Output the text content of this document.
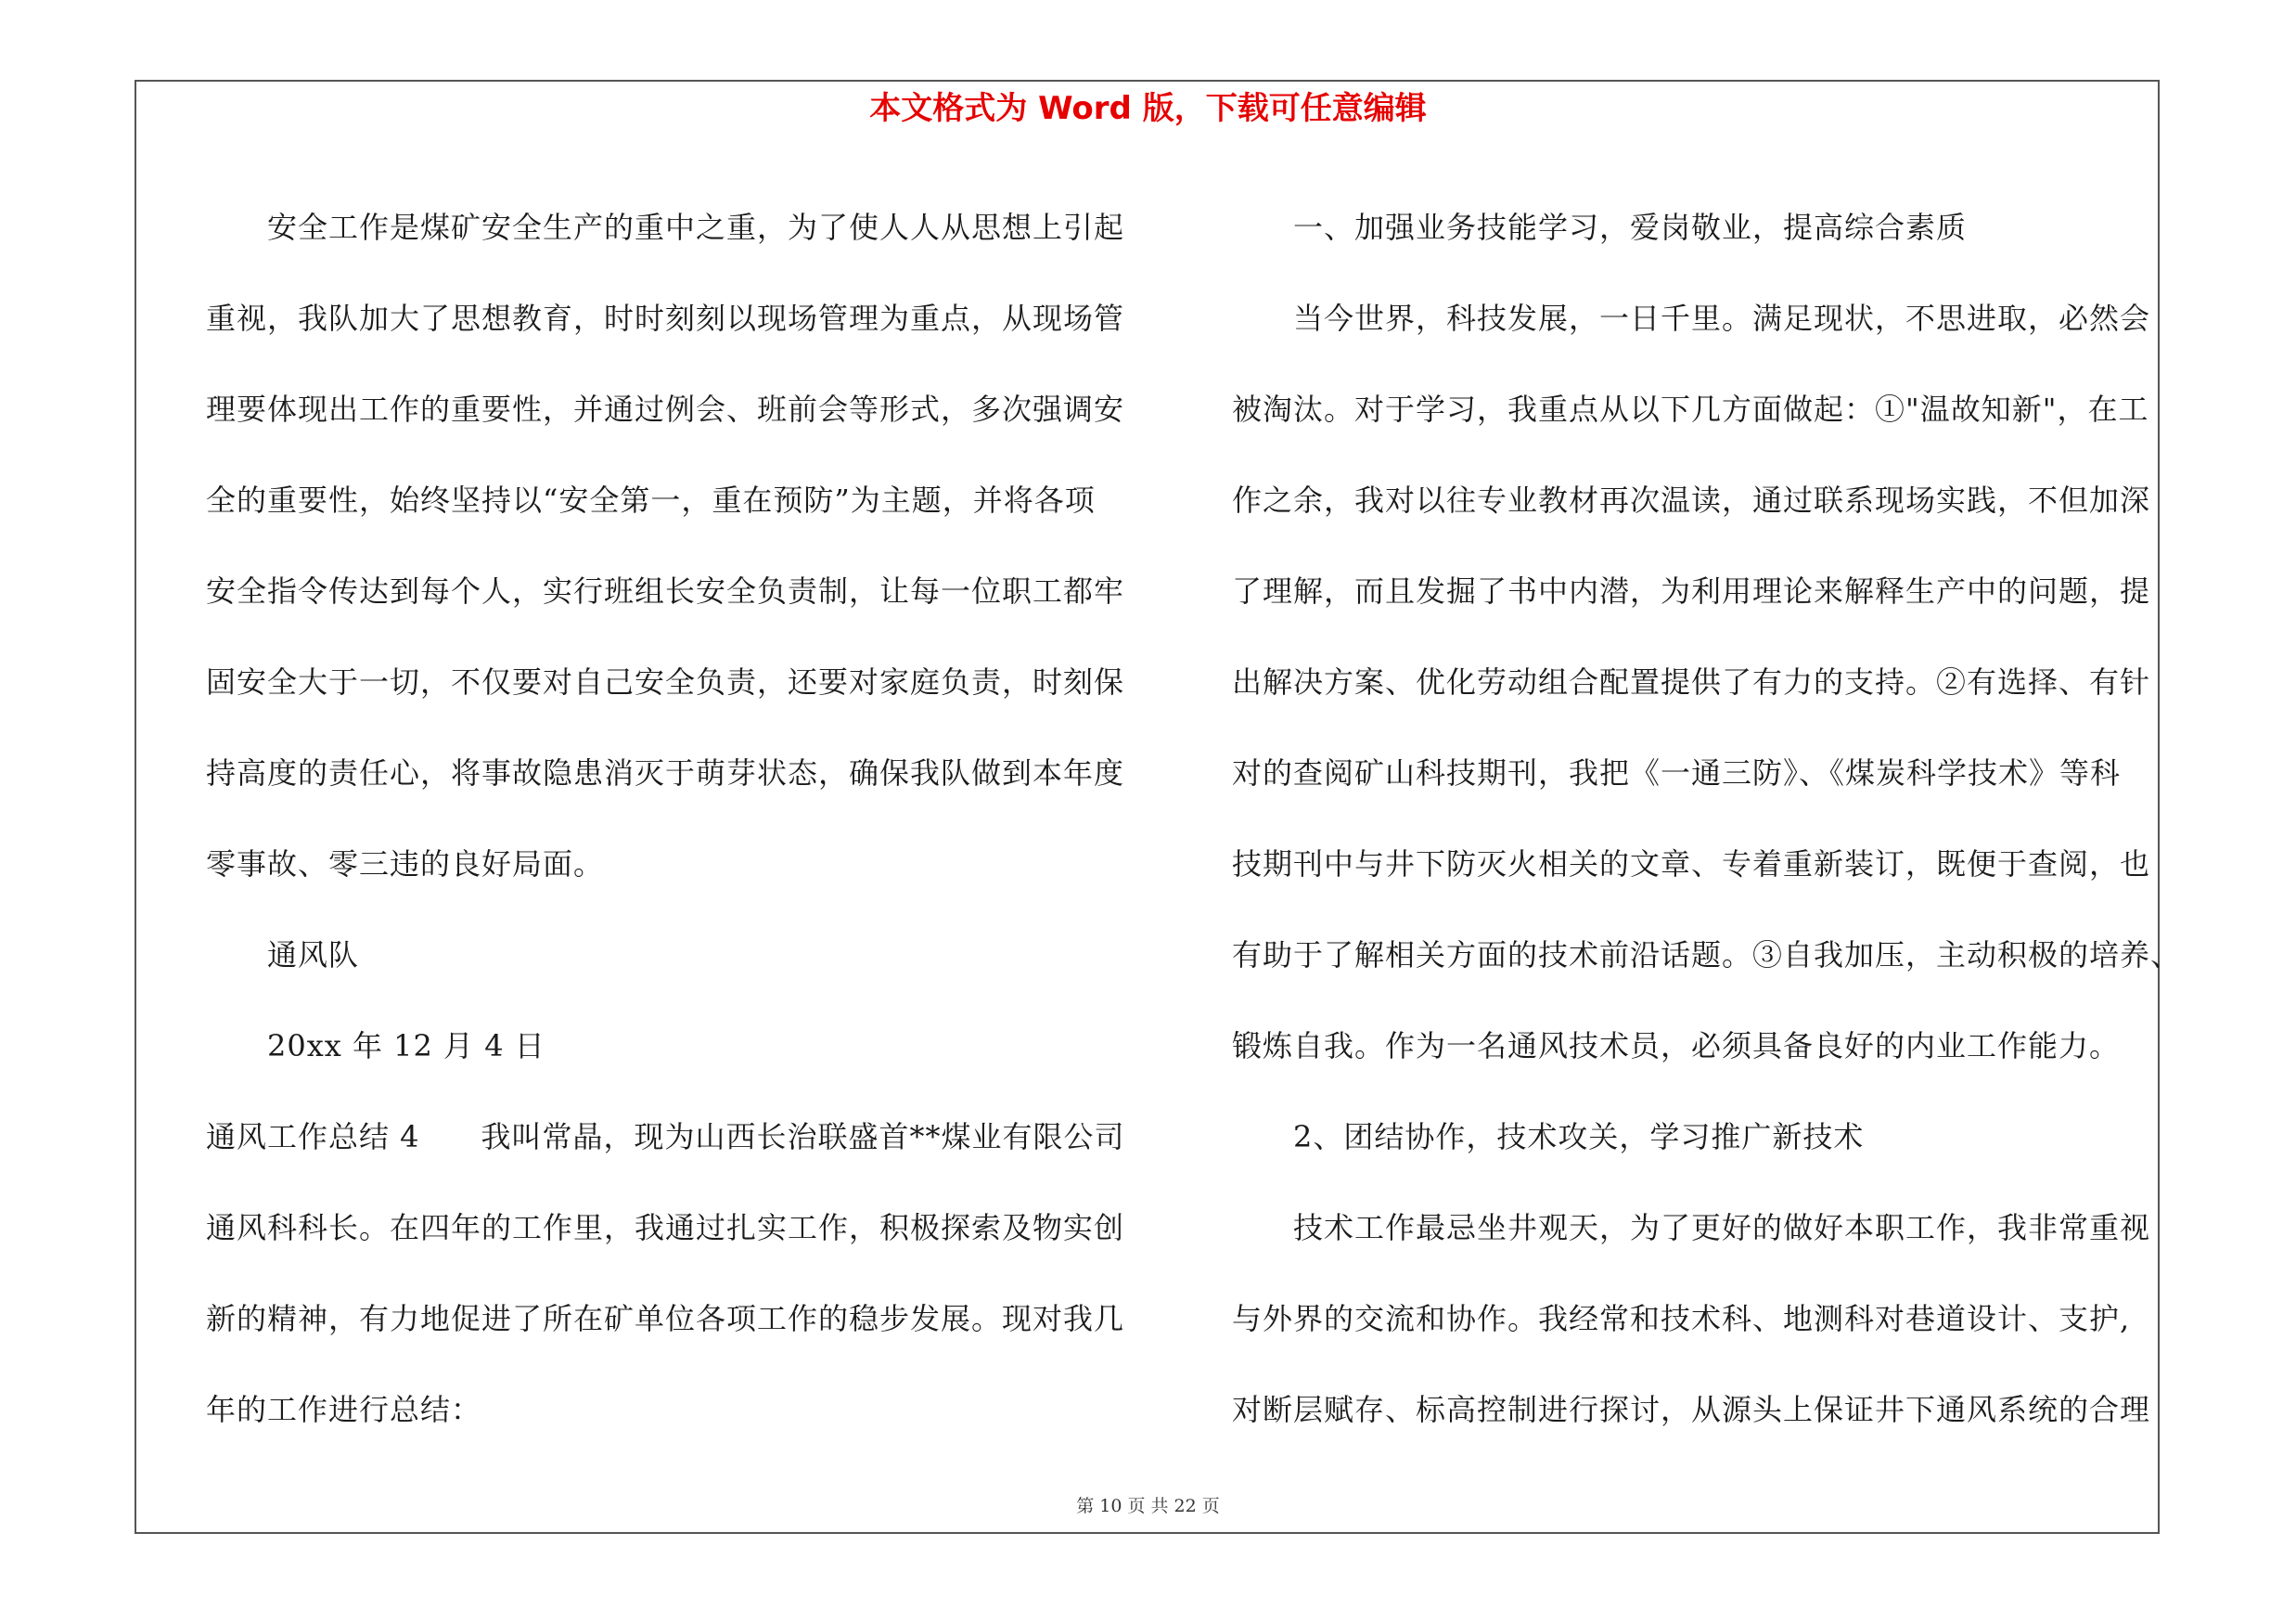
本文格式为 Word 版，下载可任意编辑
安全工作是煤矿安全生产的重中之重，为了使人人从思想上引起
重视，我队加大了思想教育，时时刻刻以现场管理为重点，从现场管
理要体现出工作的重要性，并通过例会、班前会等形式，多次强调安
全的重要性，始终坚持以“安全第一，重在预防”为主题，并将各项
安全指令传达到每个人，实行班组长安全负责制，让每一位职工都牢
固安全大于一切，不仅要对自己安全负责，还要对家庭负责，时刻保
持高度的责任心，将事故隐患消灭于萌芽状态，确保我队做到本年度
零事故、零三违的良好局面。
通风队
20xx 年 12 月 4 日
通风工作总结 4　　我叫常晶，现为山西长治联盛首**煤业有限公司
通风科科长。在四年的工作里，我通过扎实工作，积极探索及物实创
新的精神，有力地促进了所在矿单位各项工作的稳步发展。现对我几
年的工作进行总结：
一、加强业务技能学习，爱岗敬业，提高综合素质
当今世界，科技发展，一日千里。满足现状，不思进取，必然会
被淘汰。对于学习，我重点从以下几方面做起：①"温故知新"，在工
作之余，我对以往专业教材再次温读，通过联系现场实践，不但加深
了理解，而且发掘了书中内潜，为利用理论来解释生产中的问题，提
出解决方案、优化劳动组合配置提供了有力的支持。②有选择、有针
对的查阅矿山科技期刊，我把《一通三防》、《煤炭科学技术》等科
技期刊中与井下防灭火相关的文章、专着重新装订，既便于查阅，也
有助于了解相关方面的技术前沿话题。③自我加压，主动积极的培养、
锻炼自我。作为一名通风技术员，必须具备良好的内业工作能力。
2、团结协作，技术攻关，学习推广新技术
技术工作最忌坐井观天，为了更好的做好本职工作，我非常重视
与外界的交流和协作。我经常和技术科、地测科对巷道设计、支护,
对断层赋存、标高控制进行探讨，从源头上保证井下通风系统的合理
第 10 页 共 22 页
